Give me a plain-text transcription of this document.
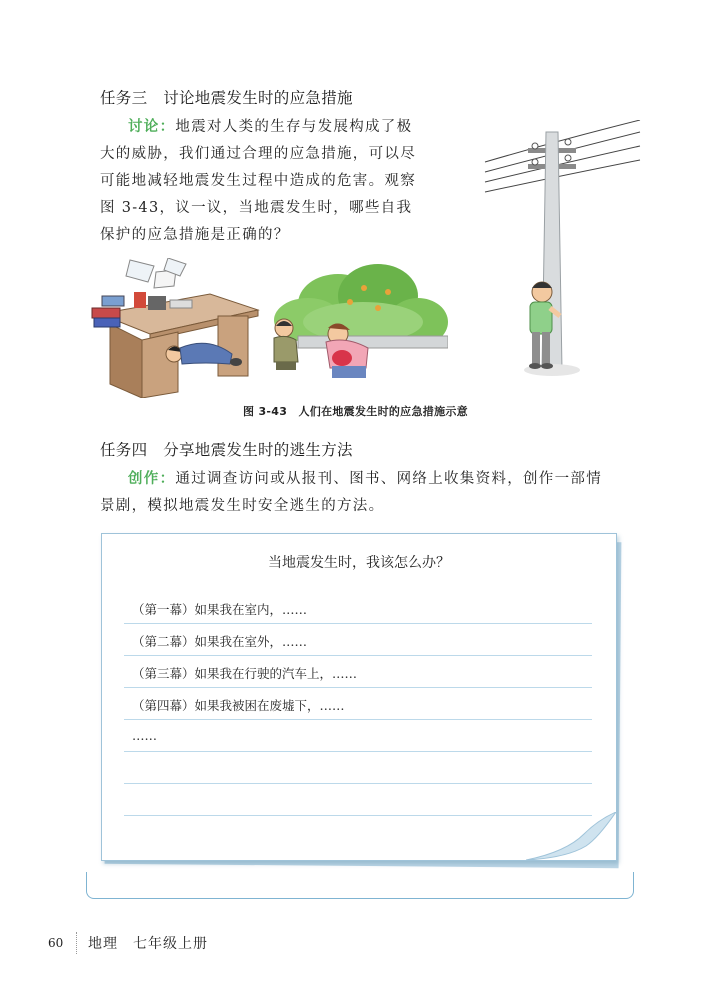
任务三　讨论地震发生时的应急措施
讨论：地震对人类的生存与发展构成了极
大的威胁，我们通过合理的应急措施，可以尽
可能地减轻地震发生过程中造成的危害。观察
图 3-43，议一议，当地震发生时，哪些自我
保护的应急措施是正确的？
图 3-43　人们在地震发生时的应急措施示意
任务四　分享地震发生时的逃生方法
创作：通过调查访问或从报刊、图书、网络上收集资料，创作一部情
景剧，模拟地震发生时安全逃生的方法。
当地震发生时，我该怎么办？
（第一幕）如果我在室内，……
（第二幕）如果我在室外，……
（第三幕）如果我在行驶的汽车上，……
（第四幕）如果我被困在废墟下，……
……
60	地理　七年级上册
